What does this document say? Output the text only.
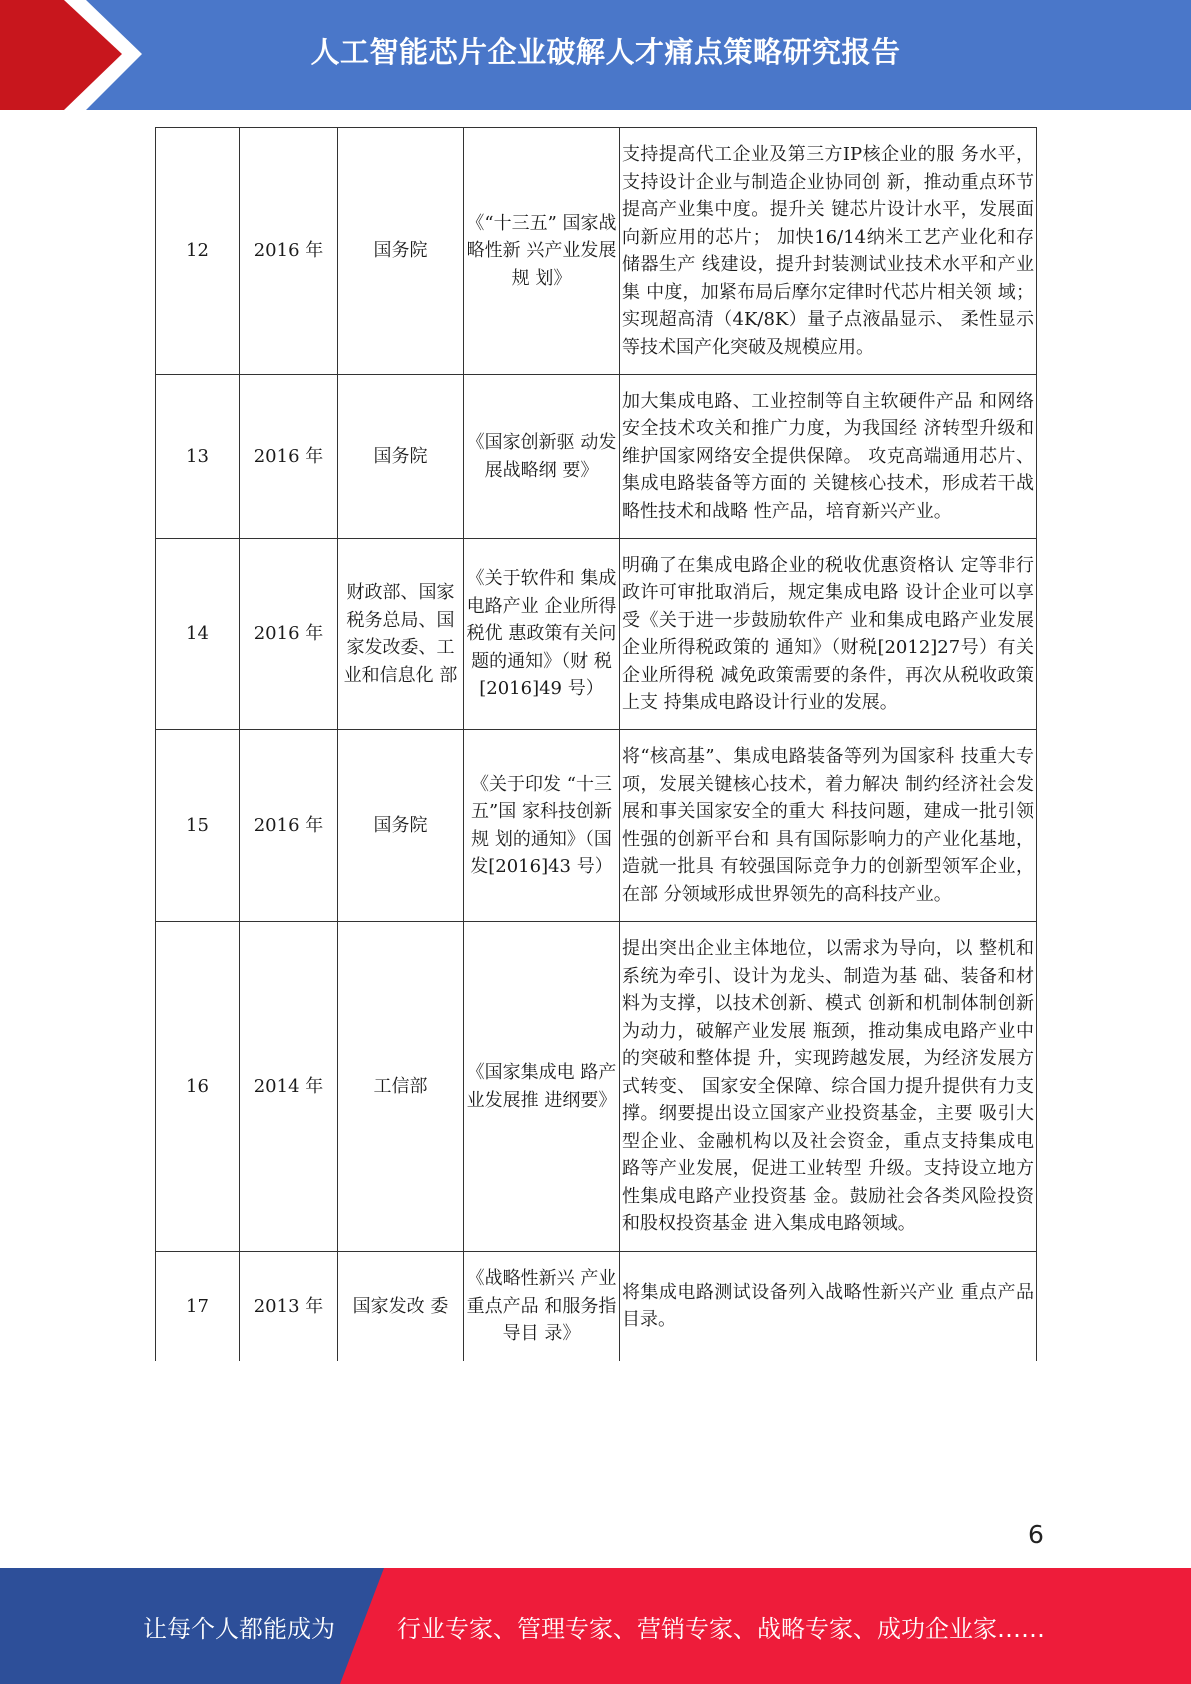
人工智能芯片企业破解人才痛点策略研究报告
12	2016 年	国务院	《“十三五” 国家战略性新 兴产业发展规 划》	支持提高代工企业及第三方IP核企业的服 务水平，支持设计企业与制造企业协同创 新，推动重点环节提高产业集中度。提升关 键芯片设计水平，发展面向新应用的芯片； 加快16/14纳米工艺产业化和存储器生产 线建设，提升封装测试业技术水平和产业集 中度，加紧布局后摩尔定律时代芯片相关领 域；实现超高清（4K/8K）量子点液晶显示、 柔性显示等技术国产化突破及规模应用。
13	2016 年	国务院	《国家创新驱 动发展战略纲 要》	加大集成电路、工业控制等自主软硬件产品 和网络安全技术攻关和推广力度，为我国经 济转型升级和维护国家网络安全提供保障。 攻克高端通用芯片、集成电路装备等方面的 关键核心技术，形成若干战略性技术和战略 性产品，培育新兴产业。
14	2016 年	财政部、国家税务总局、国家发改委、工业和信息化 部	《关于软件和 集成电路产业 企业所得税优 惠政策有关问 题的通知》（财 税[2016]49 号）	明确了在集成电路企业的税收优惠资格认 定等非行政许可审批取消后，规定集成电路 设计企业可以享受《关于进一步鼓励软件产 业和集成电路产业发展企业所得税政策的 通知》（财税[2012]27号）有关企业所得税 减免政策需要的条件，再次从税收政策上支 持集成电路设计行业的发展。
15	2016 年	国务院	《关于印发 “十三五”国 家科技创新规 划的通知》（国 发[2016]43 号）	将“核高基”、集成电路装备等列为国家科 技重大专项，发展关键核心技术，着力解决 制约经济社会发展和事关国家安全的重大 科技问题，建成一批引领性强的创新平台和 具有国际影响力的产业化基地，造就一批具 有较强国际竞争力的创新型领军企业，在部 分领域形成世界领先的高科技产业。
16	2014 年	工信部	《国家集成电 路产业发展推 进纲要》	提出突出企业主体地位，以需求为导向，以 整机和系统为牵引、设计为龙头、制造为基 础、装备和材料为支撑，以技术创新、模式 创新和机制体制创新为动力，破解产业发展 瓶颈，推动集成电路产业中的突破和整体提 升，实现跨越发展，为经济发展方式转变、 国家安全保障、综合国力提升提供有力支 撑。纲要提出设立国家产业投资基金，主要 吸引大型企业、金融机构以及社会资金，重点支持集成电路等产业发展，促进工业转型 升级。支持设立地方性集成电路产业投资基 金。鼓励社会各类风险投资和股权投资基金 进入集成电路领域。
17	2013 年	国家发改 委	《战略性新兴 产业重点产品 和服务指导目 录》	将集成电路测试设备列入战略性新兴产业 重点产品目录。
6
让每个人都能成为	行业专家、管理专家、营销专家、战略专家、成功企业家……
